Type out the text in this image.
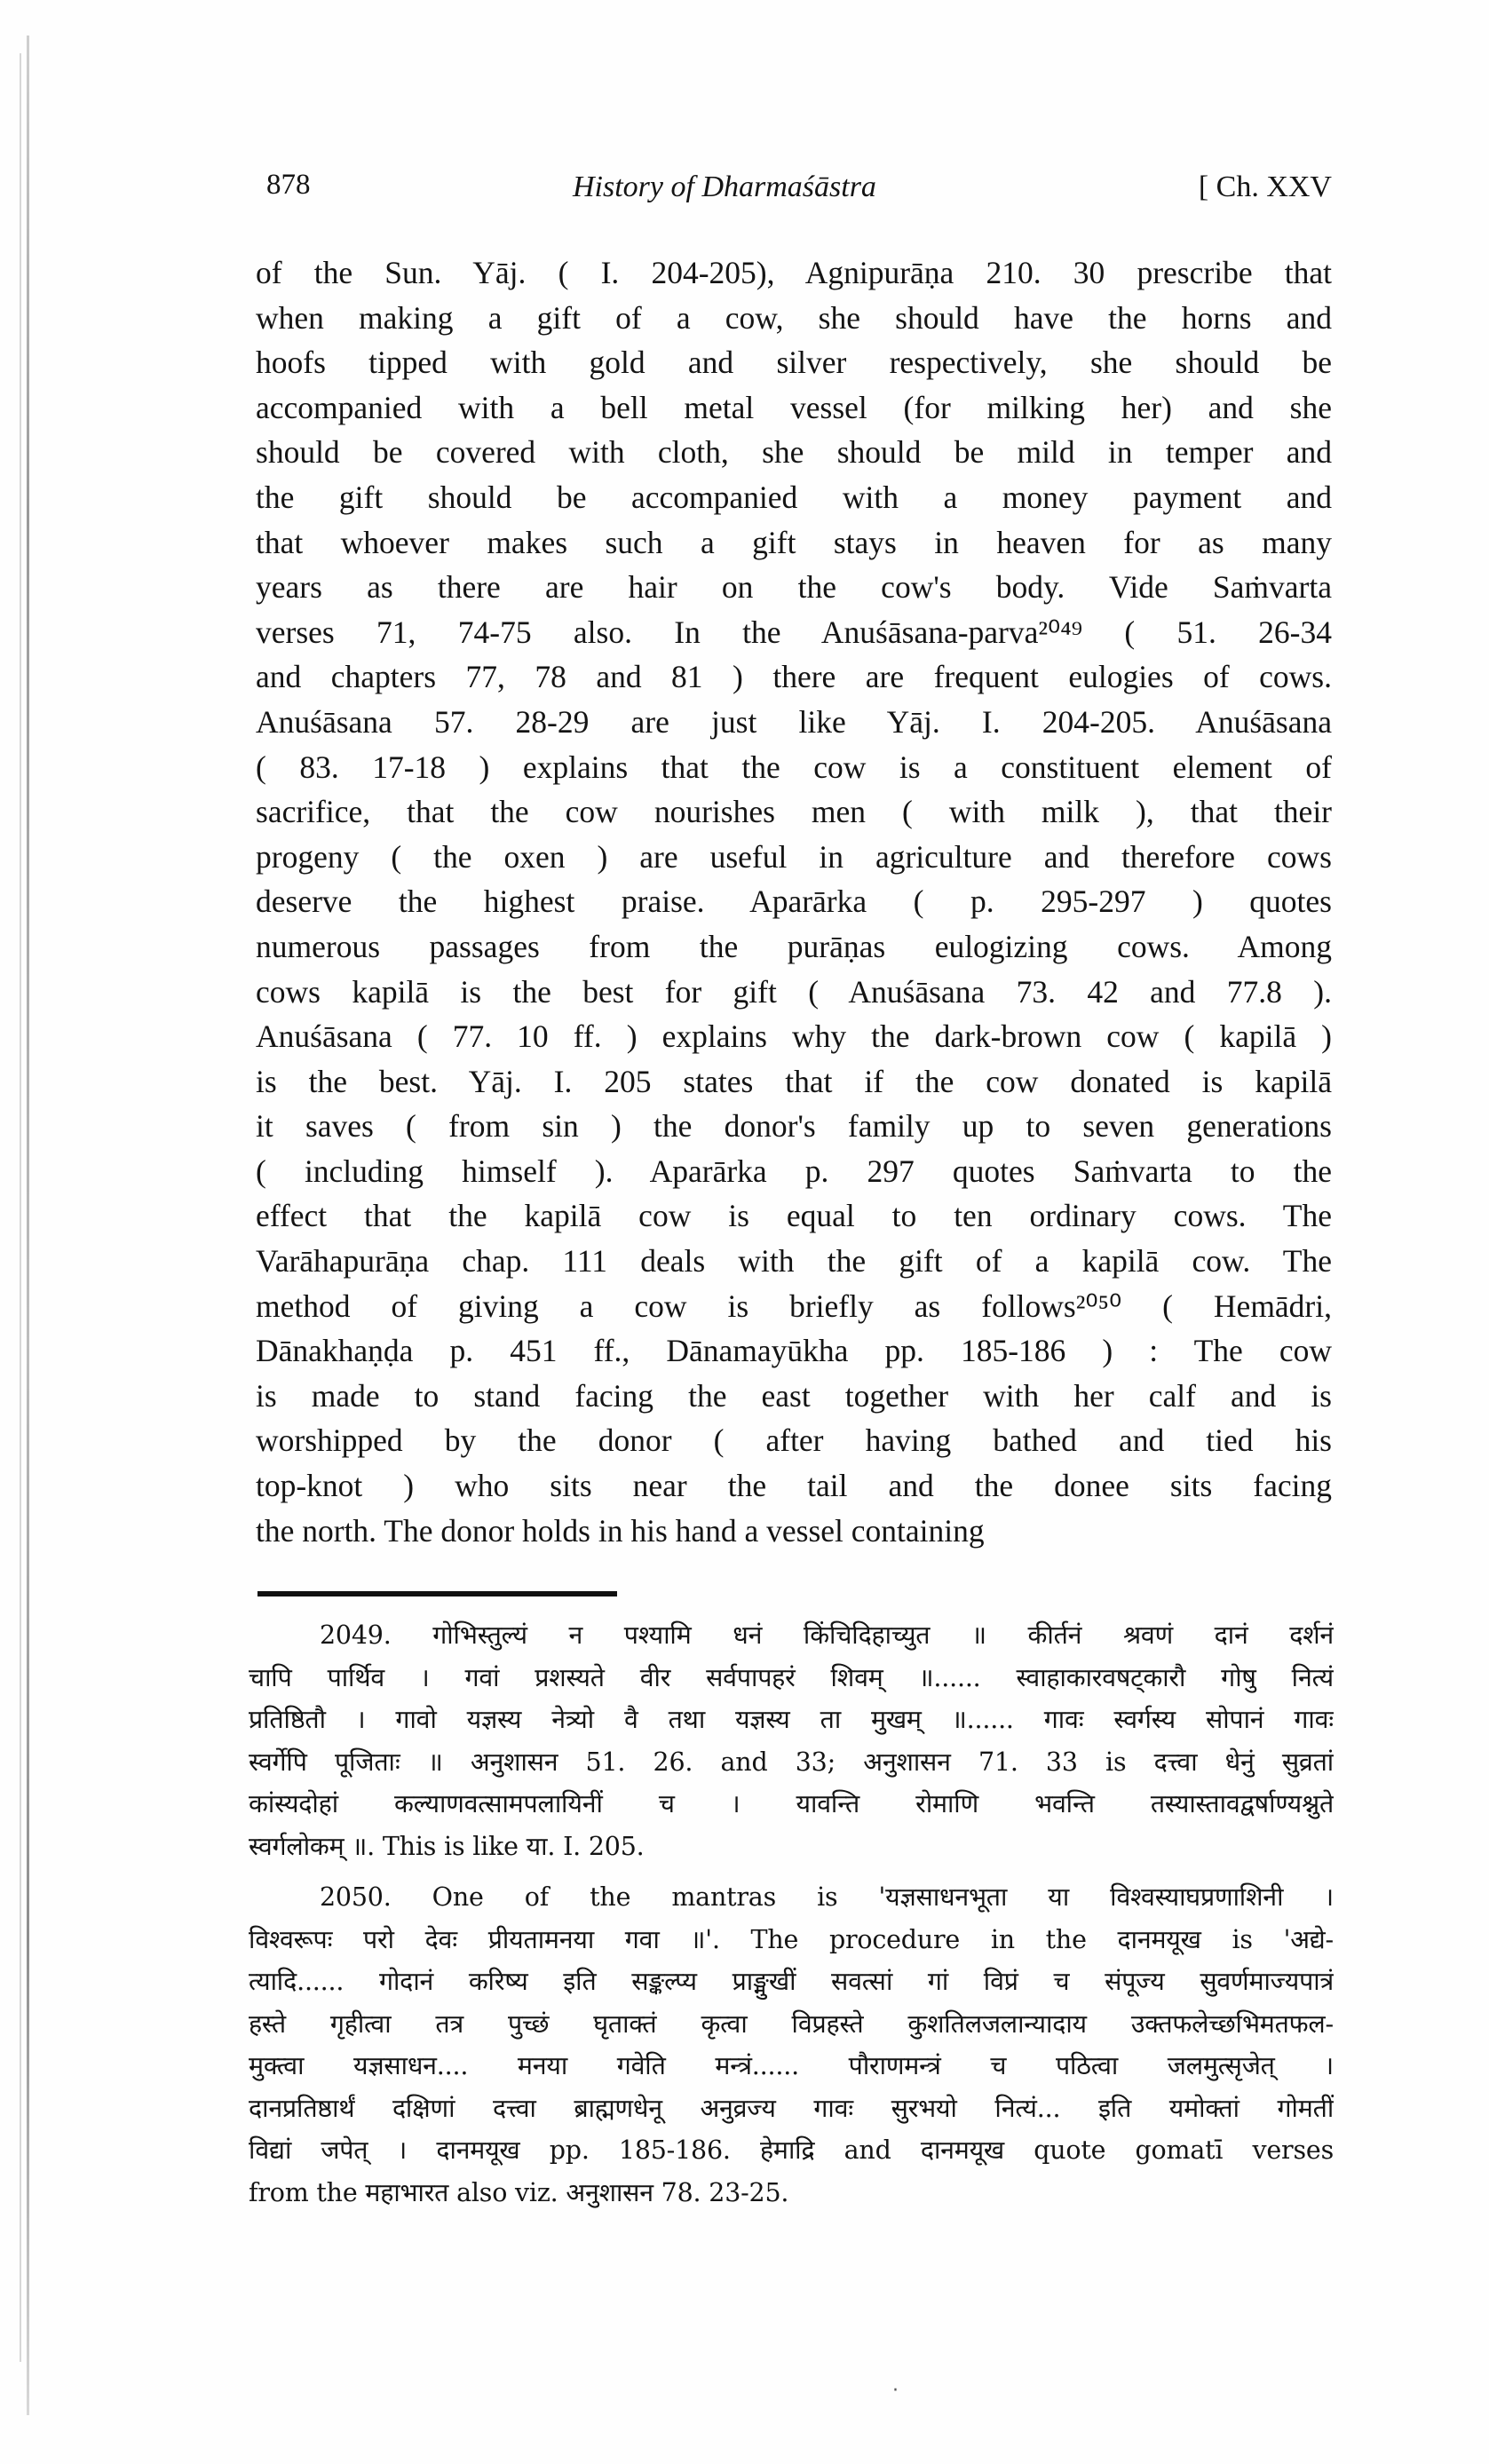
878	History of Dharmaśāstra	[ Ch. XXV
of the Sun. Yāj. ( I. 204-205), Agnipurāṇa 210. 30 prescribe that
when making a gift of a cow, she should have the horns and
hoofs tipped with gold and silver respectively, she should be
accompanied with a bell metal vessel (for milking her) and she
should be covered with cloth, she should be mild in temper and
the gift should be accompanied with a money payment and
that whoever makes such a gift stays in heaven for as many
years as there are hair on the cow's body. Vide Saṁvarta
verses 71, 74-75 also. In the Anuśāsana-parva²⁰⁴⁹ ( 51. 26-34
and chapters 77, 78 and 81 ) there are frequent eulogies of cows.
Anuśāsana 57. 28-29 are just like Yāj. I. 204-205. Anuśāsana
( 83. 17-18 ) explains that the cow is a constituent element of
sacrifice, that the cow nourishes men ( with milk ), that their
progeny ( the oxen ) are useful in agriculture and therefore cows
deserve the highest praise. Aparārka ( p. 295-297 ) quotes
numerous passages from the purāṇas eulogizing cows. Among
cows kapilā is the best for gift ( Anuśāsana 73. 42 and 77.8 ).
Anuśāsana ( 77. 10 ff. ) explains why the dark-brown cow ( kapilā )
is the best. Yāj. I. 205 states that if the cow donated is kapilā
it saves ( from sin ) the donor's family up to seven generations
( including himself ). Aparārka p. 297 quotes Saṁvarta to the
effect that the kapilā cow is equal to ten ordinary cows. The
Varāhapurāṇa chap. 111 deals with the gift of a kapilā cow. The
method of giving a cow is briefly as follows²⁰⁵⁰ ( Hemādri,
Dānakhaṇḍa p. 451 ff., Dānamayūkha pp. 185-186 ) : The cow
is made to stand facing the east together with her calf and is
worshipped by the donor ( after having bathed and tied his
top-knot ) who sits near the tail and the donee sits facing
the north. The donor holds in his hand a vessel containing
2049. गोभिस्तुल्यं न पश्यामि धनं किंचिदिहाच्युत ॥ कीर्तनं श्रवणं दानं दर्शनं
चापि पार्थिव । गवां प्रशस्यते वीर सर्वपापहरं शिवम् ॥...... स्वाहाकारवषट्कारौ गोषु नित्यं
प्रतिष्ठितौ । गावो यज्ञस्य नेत्र्यो वै तथा यज्ञस्य ता मुखम् ॥...... गावः स्वर्गस्य सोपानं गावः
स्वर्गेपि पूजिताः ॥ अनुशासन 51. 26. and 33; अनुशासन 71. 33 is दत्त्वा धेनुं सुव्रतां
कांस्यदोहां कल्याणवत्सामपलायिनीं च । यावन्ति रोमाणि भवन्ति तस्यास्तावद्वर्षाण्यश्नुते
स्वर्गलोकम् ॥. This is like या. I. 205.
2050. One of the mantras is 'यज्ञसाधनभूता या विश्वस्याघप्रणाशिनी ।
विश्वरूपः परो देवः प्रीयतामनया गवा ॥'. The procedure in the दानमयूख is 'अद्ये-
त्यादि...... गोदानं करिष्य इति सङ्कल्प्य प्राङ्मुखीं सवत्सां गां विप्रं च संपूज्य सुवर्णमाज्यपात्रं
हस्ते गृहीत्वा तत्र पुच्छं घृताक्तं कृत्वा विप्रहस्ते कुशतिलजलान्यादाय उक्तफलेच्छभिमतफल-
मुक्त्वा यज्ञसाधन.... मनया गवेति मन्त्रं...... पौराणमन्त्रं च पठित्वा जलमुत्सृजेत् ।
दानप्रतिष्ठार्थं दक्षिणां दत्त्वा ब्राह्मणधेनू अनुव्रज्य गावः सुरभयो नित्यं... इति यमोक्तां गोमतीं
विद्यां जपेत् । दानमयूख pp. 185-186. हेमाद्रि and दानमयूख quote gomatī verses
from the महाभारत also viz. अनुशासन 78. 23-25.
·
